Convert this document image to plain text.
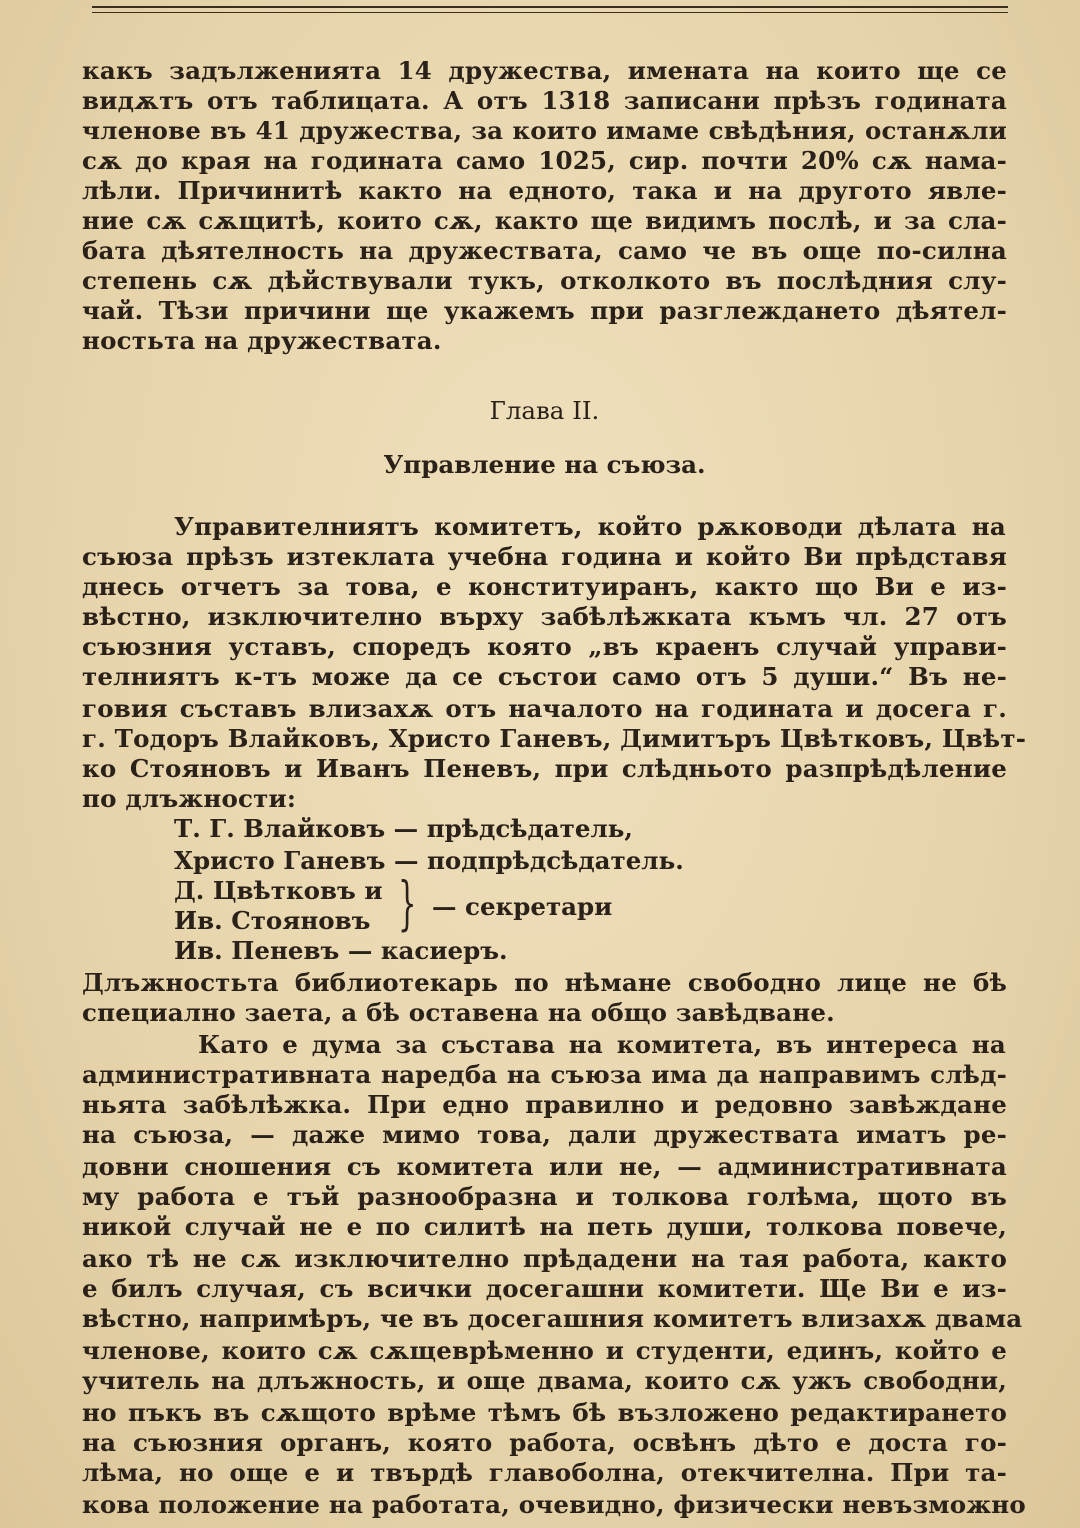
какъ задълженията 14 дружества, имената на които ще се
видѫтъ отъ таблицата. А отъ 1318 записани прѣзъ годината
членове въ 41 дружества, за които имаме свѣдѣния, останѫли
сѫ до края на годината само 1025, сир. почти 20% сѫ нама-
лѣли. Причинитѣ както на едното, така и на другото явле-
ние сѫ сѫщитѣ, които сѫ, както ще видимъ послѣ, и за сла-
бата дѣятелность на дружествата, само че въ още по-силна
степень сѫ дѣйствували тукъ, отколкото въ послѣдния слу-
чай. Тѣзи причини ще укажемъ при разглеждането дѣятел-
ностьта на дружествата.
Глава II.
Управление на съюза.
Управителниятъ комитетъ, който рѫководи дѣлата на
съюза прѣзъ изтеклата учебна година и който Ви прѣдставя
днесь отчетъ за това, е конституиранъ, както що Ви е из-
вѣстно, изключително върху забѣлѣжката къмъ чл. 27 отъ
съюзния уставъ, споредъ която „въ краенъ случай управи-
телниятъ к-тъ може да се състои само отъ 5 души.“ Въ не-
говия съставъ влизахѫ отъ началото на годината и досега г.
г. Тодоръ Влайковъ, Христо Ганевъ, Димитъръ Цвѣтковъ, Цвѣт-
ко Стояновъ и Иванъ Пеневъ, при слѣдньото разпрѣдѣление
по длъжности:
Т. Г. Влайковъ — прѣдсѣдатель,
Христо Ганевъ — подпрѣдсѣдатель.
Д. Цвѣтковъ и
Ив. Стояновъ } — секретари
Ив. Пеневъ — касиеръ.
Длъжностьта библиотекарь по нѣмане свободно лице не бѣ
специално заета, а бѣ оставена на общо завѣдване.
Като е дума за състава на комитета, въ интереса на
административната наредба на съюза има да направимъ слѣд-
ньята забѣлѣжка. При едно правилно и редовно завѣждане
на съюза, — даже мимо това, дали дружествата иматъ ре-
довни сношения съ комитета или не, — административната
му работа е тъй разнообразна и толкова голѣма, щото въ
никой случай не е по силитѣ на петь души, толкова повече,
ако тѣ не сѫ изключително прѣдадени на тая работа, както
е билъ случая, съ всички досегашни комитети. Ще Ви е из-
вѣстно, напримѣръ, че въ досегашния комитетъ влизахѫ двама
членове, които сѫ сѫщеврѣменно и студенти, единъ, който е
учитель на длъжность, и още двама, които сѫ ужъ свободни,
но пъкъ въ сѫщото врѣме тѣмъ бѣ възложено редактирането
на съюзния органъ, която работа, освѣнъ дѣто е доста го-
лѣма, но още е и твърдѣ главоболна, отекчителна. При та-
кова положение на работата, очевидно, физически невъзможно
